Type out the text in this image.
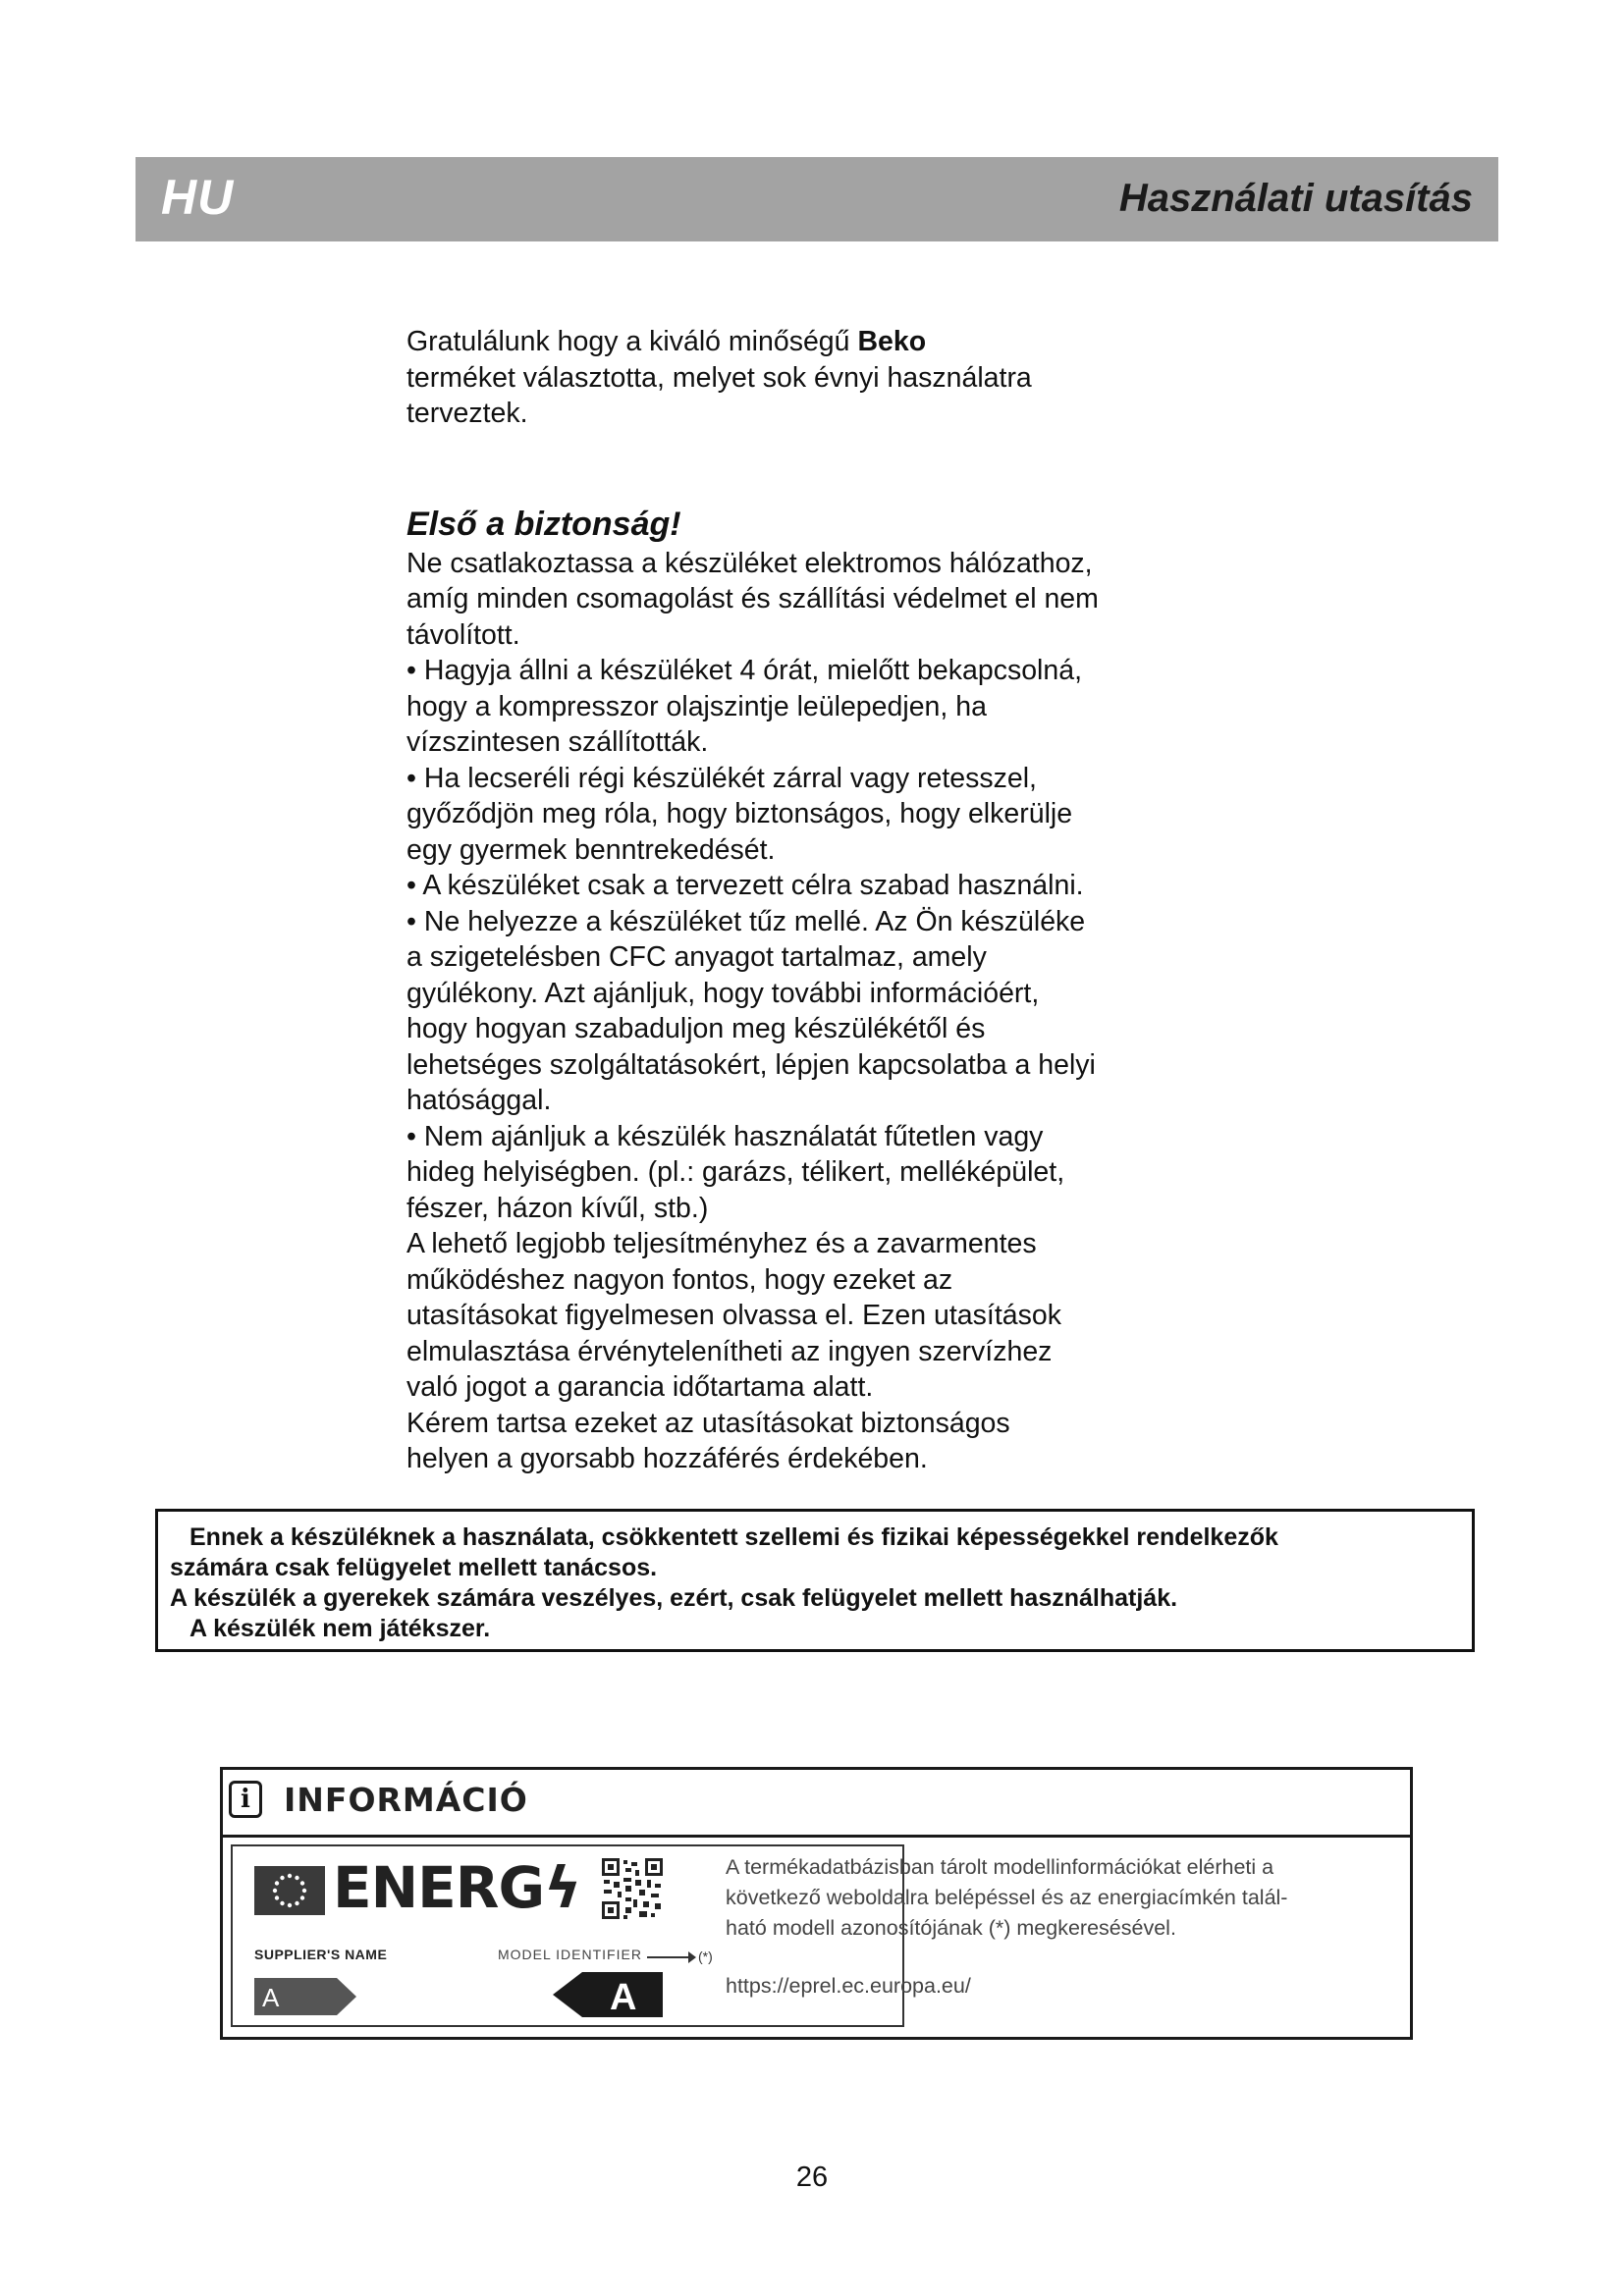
HU	Használati utasítás

Gratulálunk hogy a kiváló minőségű Beko
terméket választotta, melyet sok évnyi használatra
terveztek.

Első a biztonság!

Ne csatlakoztassa a készüléket elektromos hálózathoz,

amíg minden csomagolást és szállítási védelmet el nem

távolított.

• Hagyja állni a készüléket 4 órát, mielőtt bekapcsolná,

hogy a kompresszor olajszintje leülepedjen, ha

vízszintesen szállították.

• Ha lecseréli régi készülékét zárral vagy retesszel,

győződjön meg róla, hogy biztonságos, hogy elkerülje

egy gyermek benntrekedését.

• A készüléket csak a tervezett célra szabad használni.

• Ne helyezze a készüléket tűz mellé. Az Ön készüléke

a szigetelésben CFC anyagot tartalmaz, amely

gyúlékony. Azt ajánljuk, hogy további információért,

hogy hogyan szabaduljon meg készülékétől és

lehetséges szolgáltatásokért, lépjen kapcsolatba a helyi

hatósággal.

• Nem ajánljuk a készülék használatát fűtetlen vagy

hideg helyiségben. (pl.: garázs, télikert, melléképület,

fészer, házon kívűl, stb.)

A lehető legjobb teljesítményhez és a zavarmentes

működéshez nagyon fontos, hogy ezeket az

utasításokat figyelmesen olvassa el. Ezen utasítások

elmulasztása érvénytelenítheti az ingyen szervízhez

való jogot a garancia időtartama alatt.

Kérem tartsa ezeket az utasításokat biztonságos

helyen a gyorsabb hozzáférés érdekében.

Ennek a készüléknek a használata, csökkentett szellemi és fizikai képességekkel rendelkezők

számára csak felügyelet mellett tanácsos.

A készülék a gyerekek számára veszélyes, ezért, csak felügyelet mellett használhatják.

A készülék nem játékszer.

i	INFORMÁCIÓ
ENERGϟ
SUPPLIER'S NAME	MODEL IDENTIFIER	(*)
A	A

A termékadatbázisban tárolt modellinformációkat elérheti a

következő weboldalra belépéssel és az energiacímkén talál-

ható modell azonosítójának (*) megkeresésével.

https://eprel.ec.europa.eu/
26
